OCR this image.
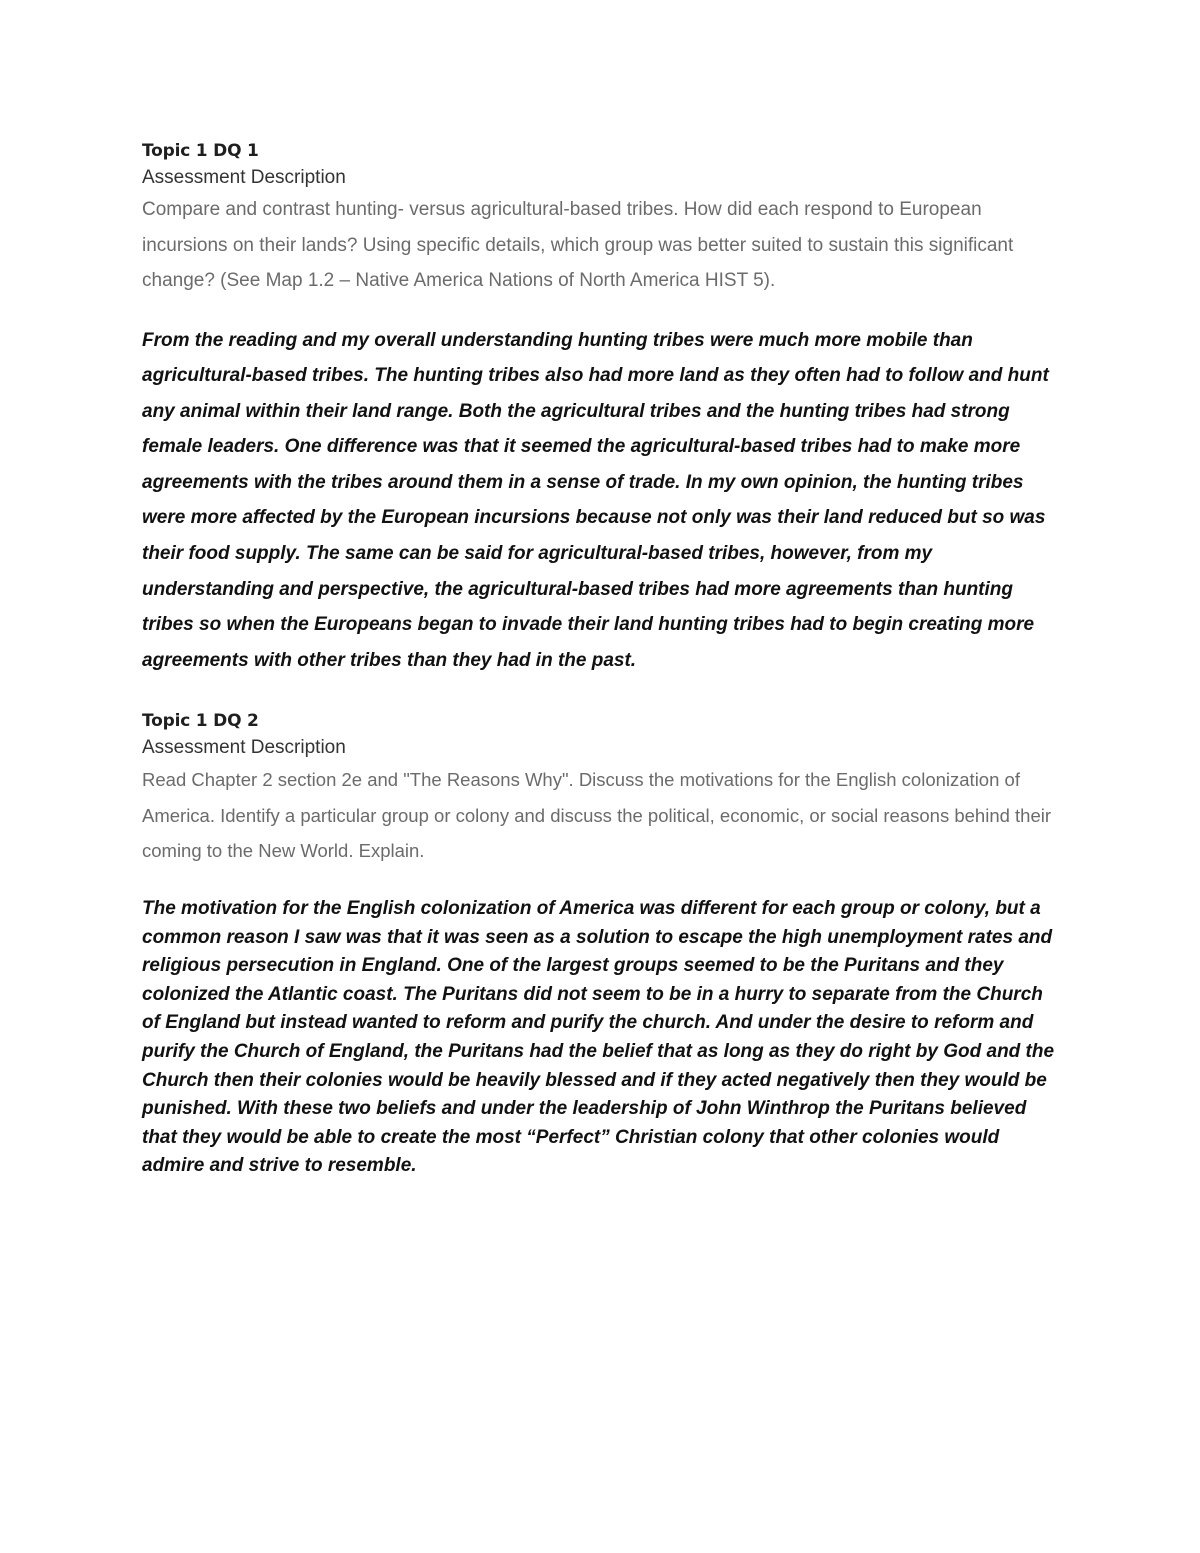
Topic 1 DQ 1

Assessment Description

Compare and contrast hunting- versus agricultural-based tribes. How did each respond to European incursions on their lands? Using specific details, which group was better suited to sustain this significant change? (See Map 1.2 – Native America Nations of North America HIST 5).

From the reading and my overall understanding hunting tribes were much more mobile than agricultural-based tribes. The hunting tribes also had more land as they often had to follow and hunt any animal within their land range. Both the agricultural tribes and the hunting tribes had strong female leaders. One difference was that it seemed the agricultural-based tribes had to make more agreements with the tribes around them in a sense of trade. In my own opinion, the hunting tribes were more affected by the European incursions because not only was their land reduced but so was their food supply. The same can be said for agricultural-based tribes, however, from my understanding and perspective, the agricultural-based tribes had more agreements than hunting tribes so when the Europeans began to invade their land hunting tribes had to begin creating more agreements with other tribes than they had in the past.

Topic 1 DQ 2

Assessment Description

Read Chapter 2 section 2e and "The Reasons Why". Discuss the motivations for the English colonization of America. Identify a particular group or colony and discuss the political, economic, or social reasons behind their coming to the New World. Explain.

The motivation for the English colonization of America was different for each group or colony, but a common reason I saw was that it was seen as a solution to escape the high unemployment rates and religious persecution in England. One of the largest groups seemed to be the Puritans and they colonized the Atlantic coast. The Puritans did not seem to be in a hurry to separate from the Church of England but instead wanted to reform and purify the church. And under the desire to reform and purify the Church of England, the Puritans had the belief that as long as they do right by God and the Church then their colonies would be heavily blessed and if they acted negatively then they would be punished. With these two beliefs and under the leadership of John Winthrop the Puritans believed that they would be able to create the most “Perfect” Christian colony that other colonies would admire and strive to resemble.
